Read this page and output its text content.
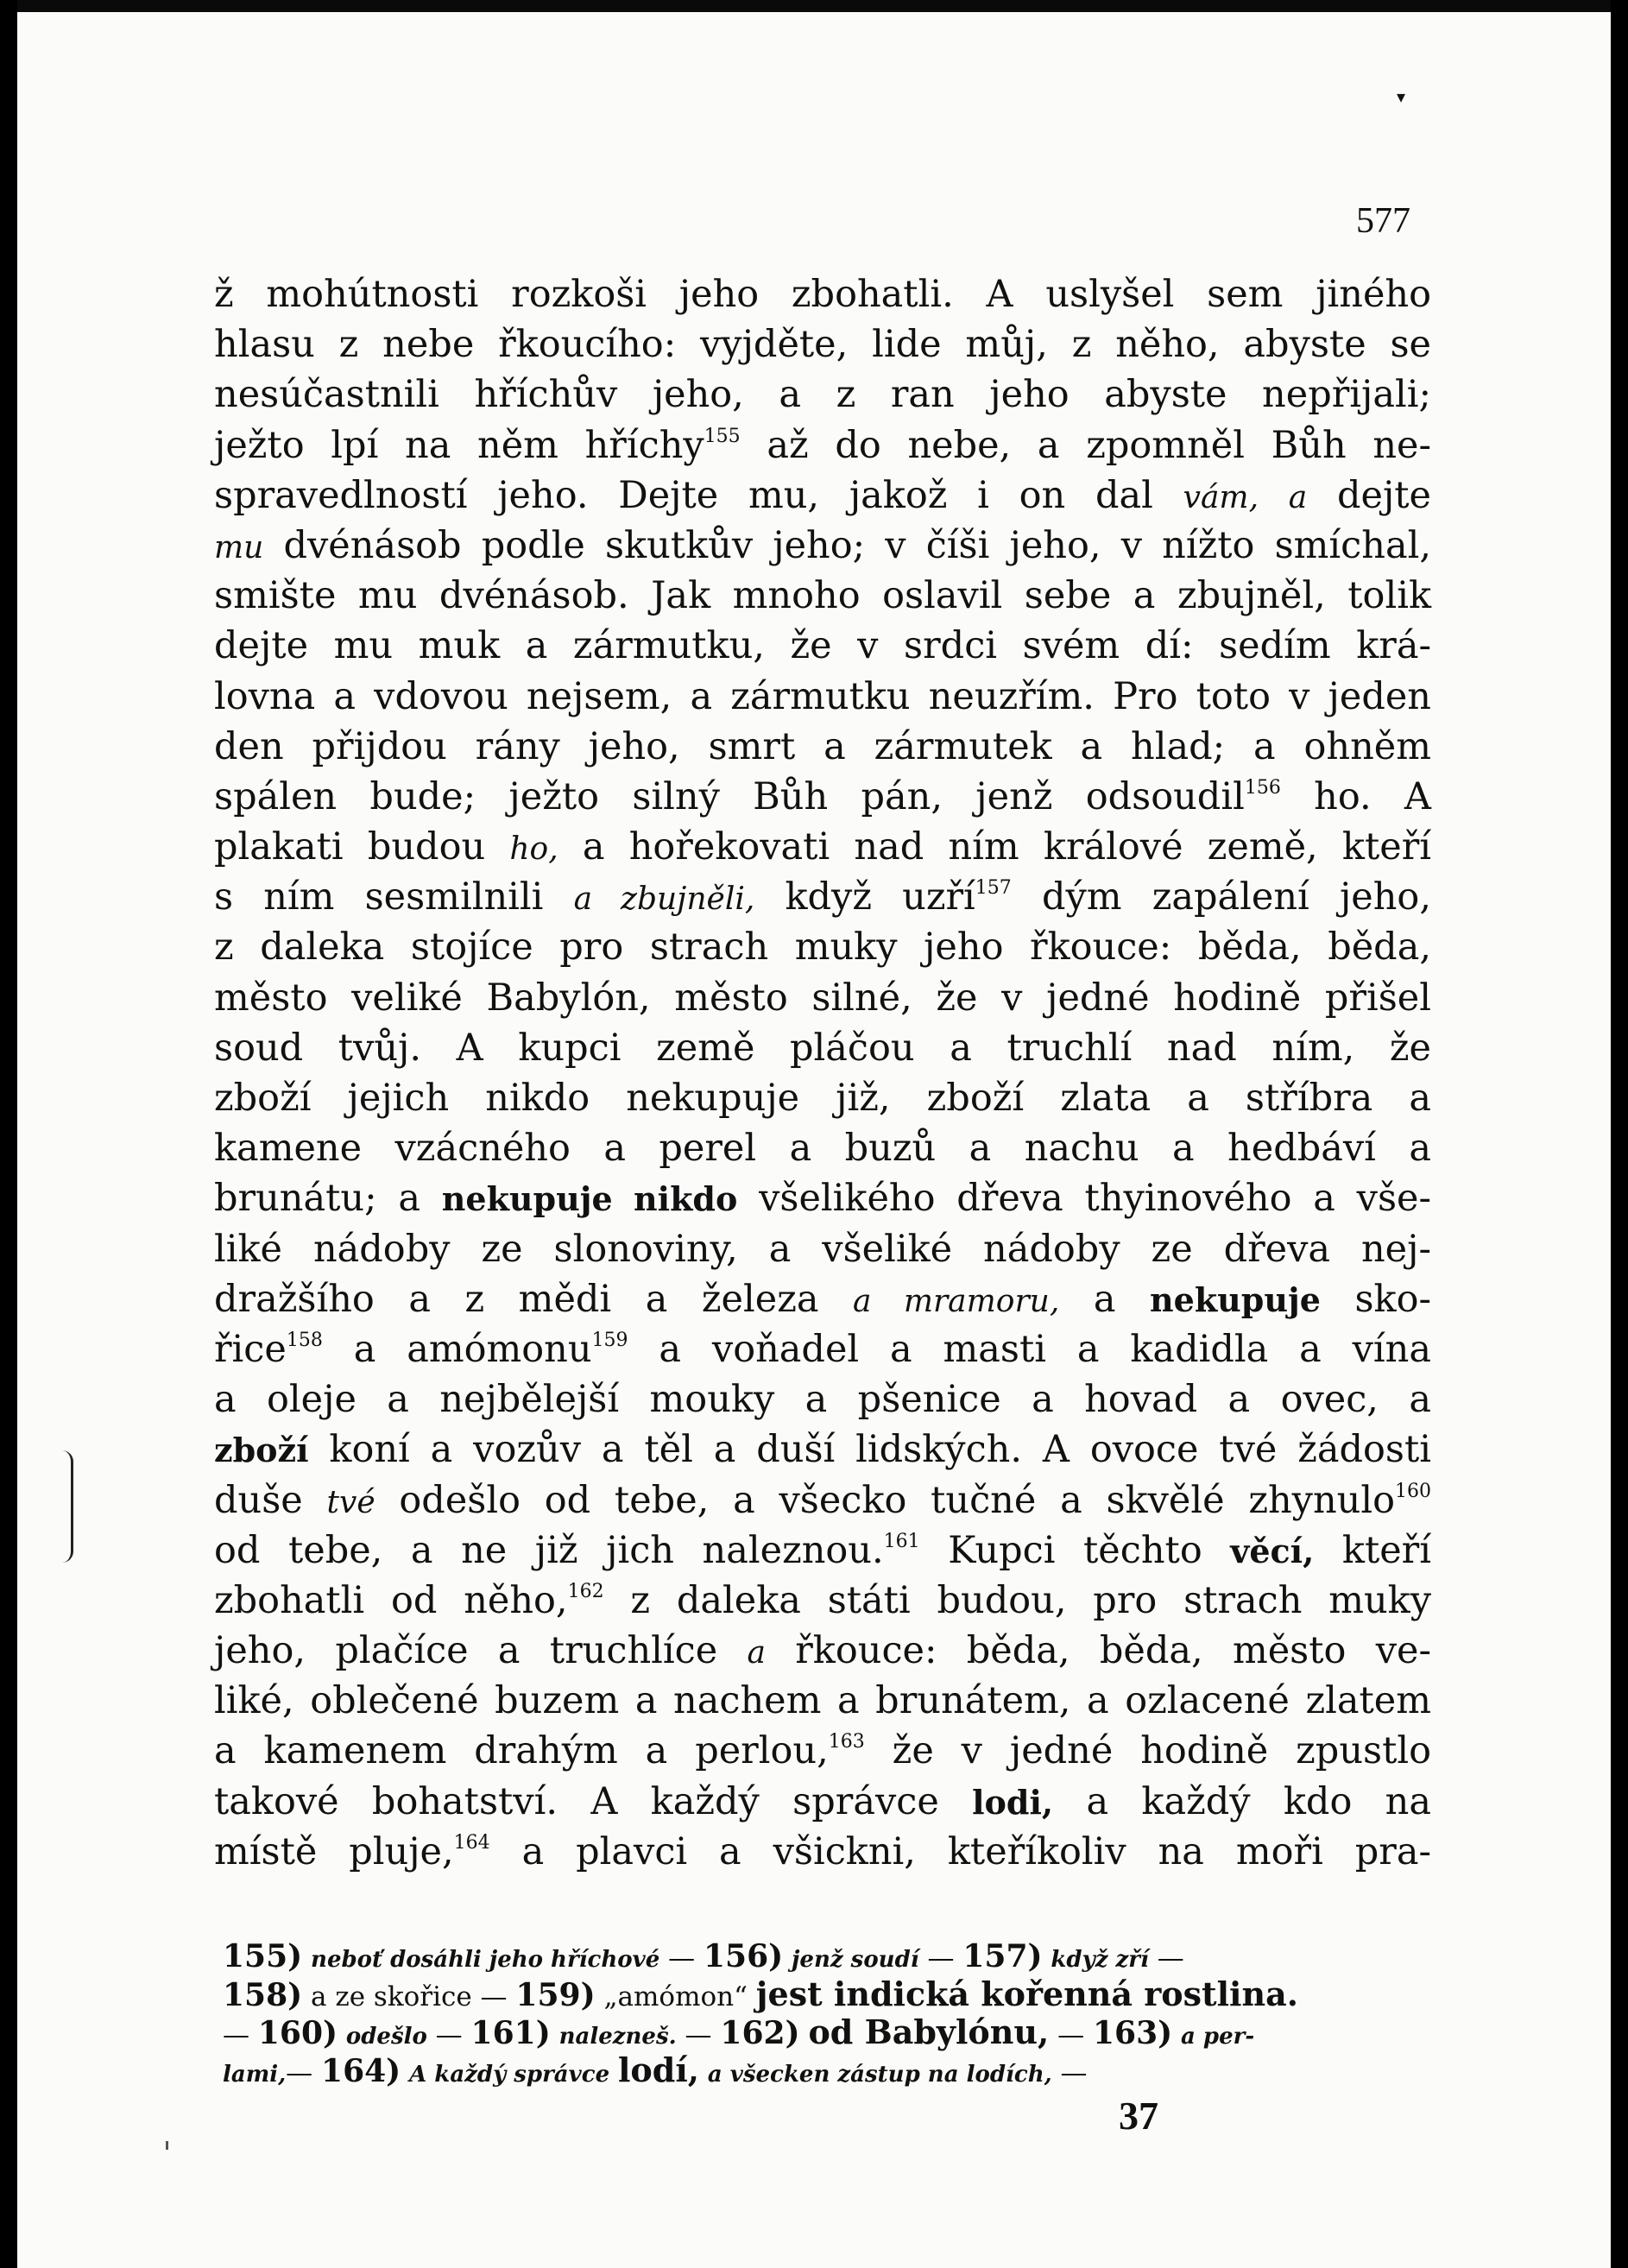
▾
577
ž mohútnosti rozkoši jeho zbohatli. A uslyšel sem jiného
hlasu z nebe řkoucího: vyjděte, lide můj, z něho, abyste se
nesúčastnili hříchův jeho, a z ran jeho abyste nepřijali;
ježto lpí na něm hříchy$^{155}$ až do nebe, a zpomněl Bůh ne-
spravedlností jeho. Dejte mu, jakož i on dal vám, a dejte
mu dvénásob podle skutkův jeho; v číši jeho, v nížto smíchal,
smište mu dvénásob. Jak mnoho oslavil sebe a zbujněl, tolik
dejte mu muk a zármutku, že v srdci svém dí: sedím krá-
lovna a vdovou nejsem, a zármutku neuzřím. Pro toto v jeden
den přijdou rány jeho, smrt a zármutek a hlad; a ohněm
spálen bude; ježto silný Bůh pán, jenž odsoudil$^{156}$ ho. A
plakati budou ho, a hořekovati nad ním králové země, kteří
s ním sesmilnili a zbujněli, když uzří$^{157}$ dým zapálení jeho,
z daleka stojíce pro strach muky jeho řkouce: běda, běda,
město veliké Babylón, město silné, že v jedné hodině přišel
soud tvůj. A kupci země pláčou a truchlí nad ním, že
zboží jejich nikdo nekupuje již, zboží zlata a stříbra a
kamene vzácného a perel a buzů a nachu a hedbáví a
brunátu; a nekupuje nikdo všelikého dřeva thyinového a vše-
liké nádoby ze slonoviny, a všeliké nádoby ze dřeva nej-
dražšího a z mědi a železa a mramoru, a nekupuje sko-
řice$^{158}$ a amómonu$^{159}$ a voňadel a masti a kadidla a vína
a oleje a nejbělejší mouky a pšenice a hovad a ovec, a
zboží koní a vozův a těl a duší lidských. A ovoce tvé žádosti
duše tvé odešlo od tebe, a všecko tučné a skvělé zhynulo$^{160}$
od tebe, a ne již jich naleznou.$^{161}$ Kupci těchto věcí, kteří
zbohatli od něho,$^{162}$ z daleka státi budou, pro strach muky
jeho, plačíce a truchlíce a řkouce: běda, běda, město ve-
liké, oblečené buzem a nachem a brunátem, a ozlacené zlatem
a kamenem drahým a perlou,$^{163}$ že v jedné hodině zpustlo
takové bohatství. A každý správce lodi, a každý kdo na
místě pluje,$^{164}$ a plavci a všickni, kteříkoliv na moři pra-
155) neboť dosáhli jeho hříchové — 156) jenž soudí — 157) když zří —
158) a ze skořice — 159) „amómon“ jest indická kořenná rostlina.
— 160) odešlo — 161) nalezneš. — 162) od Babylónu, — 163) a per-
lami,— 164) A každý správce lodí, a všecken zástup na lodích, —
37
